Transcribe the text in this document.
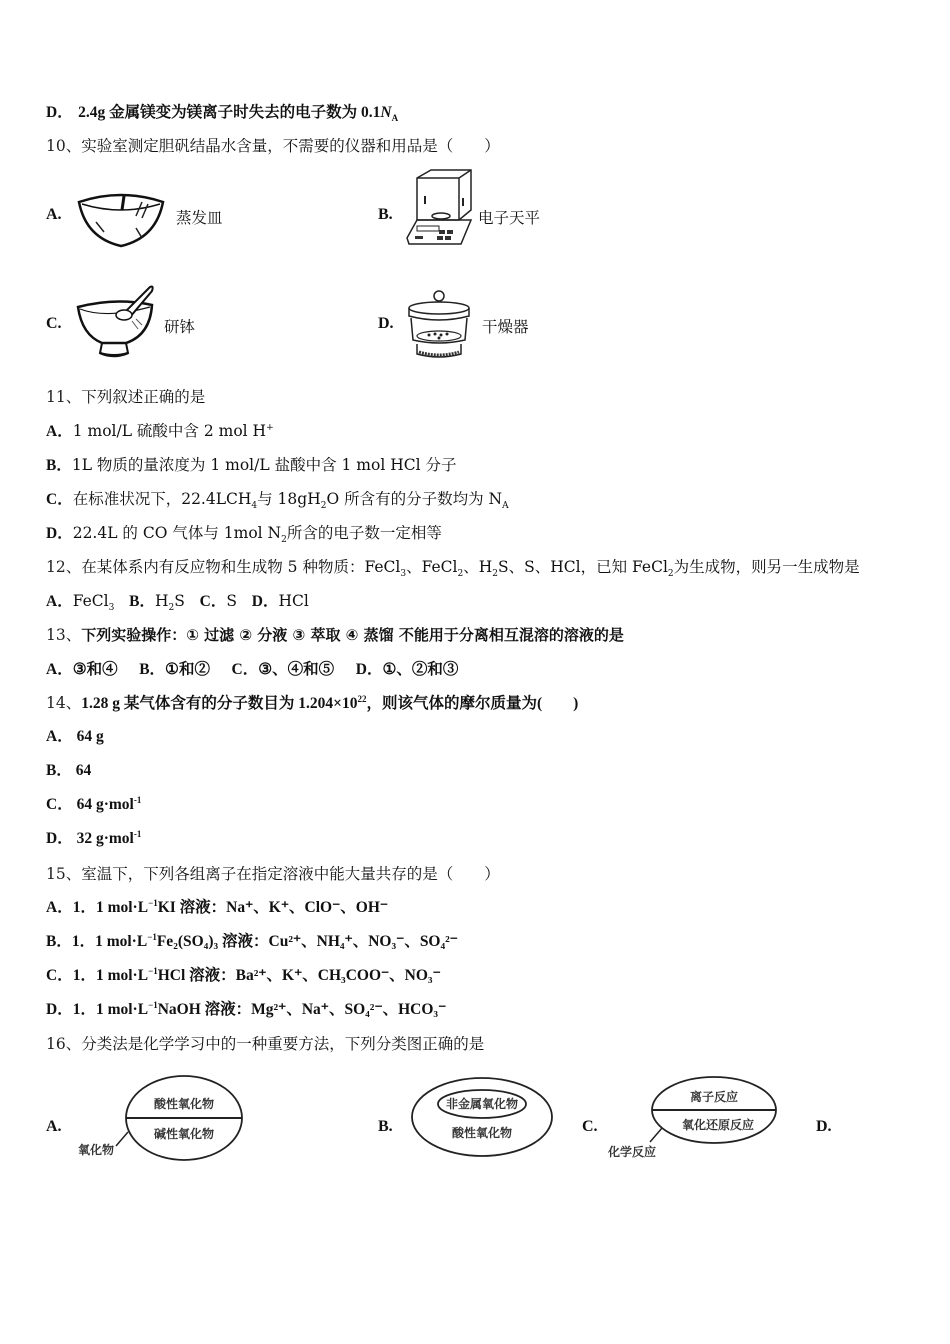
D． 2.4g 金属镁变为镁离子时失去的电子数为 $0.1N_A$
10、实验室测定胆矾结晶水含量，不需要的仪器和用品是（　　）
A.	蒸发皿	B.	电子天平
C.	研钵	D.	干燥器
11、下列叙述正确的是
A．1 mol/L 硫酸中含 2 mol H+
B．1L 物质的量浓度为 1 mol/L 盐酸中含 1 mol HCl 分子
C．在标准状况下，$22.4LCH_4$与 $18gH_2O$ 所含有的分子数均为 $N_A$
D．22.4L 的 CO 气体与 1mol $N_2$所含的电子数一定相等
12、在某体系内有反应物和生成物 5 种物质：FeCl$_3$、FeCl$_2$、$H_2S$、S、HCl，已知 FeCl$_2$为生成物，则另一生成物是
A．FeCl$_3$ B．$H_2S$ C．S D．HCl
13、下列实验操作：① 过滤 ② 分液 ③ 萃取 ④ 蒸馏 不能用于分离相互混溶的溶液的是
A．③和④ B．①和② C．③、④和⑤ D．①、②和③
14、1.28 g 某气体含有的分子数目为 $1.204\times 10^{22}$，则该气体的摩尔质量为(　　)
A． 64 g
B． 64
C． 64 g·mol$^{-1}$
D． 32 g·mol$^{-1}$
15、室温下，下列各组离子在指定溶液中能大量共存的是（　　）
A．1．1 $mol\cdot L^{-1}KI$ 溶液：Na⁺、K⁺、ClO⁻、OH⁻
B．1．1 $mol\cdot L^{-1}Fe_2(SO_4)_3$ 溶液：Cu²⁺、NH₄⁺、NO₃⁻、SO₄²⁻
C．1．1 $mol\cdot L^{-1}HCl$ 溶液：Ba²⁺、K⁺、CH₃COO⁻、NO₃⁻
D．1．1 $mol\cdot L^{-1}NaOH$ 溶液：Mg²⁺、Na⁺、SO₄²⁻、HCO₃⁻
16、分类法是化学学习中的一种重要方法，下列分类图正确的是
A.
酸性氧化物
碱性氧化物
氧化物
B.
非金属氧化物
酸性氧化物	C.
离子反应
氧化还原反应
化学反应
D.
